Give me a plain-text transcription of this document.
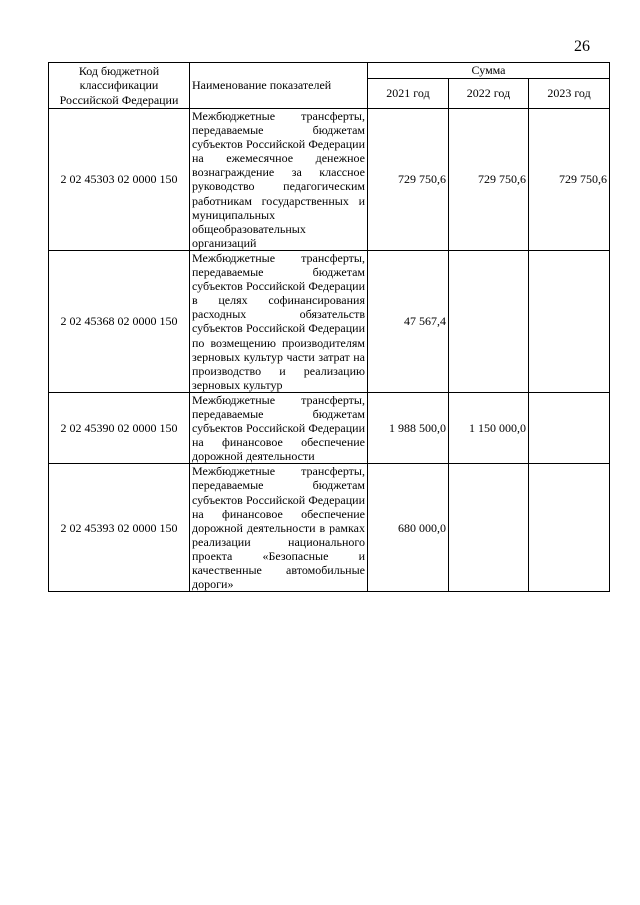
26
Код бюджетной классификации Российской Федерации	Наименование показателей	Сумма		
		2021 год	2022 год	2023 год
2 02 45303 02 0000 150	Межбюджетные трансферты, передаваемые бюджетам субъектов Российской Федерации на ежемесячное денежное вознаграждение за классное руководство педагогическим работникам государственных и муниципальных общеобразовательных организаций	729 750,6	729 750,6	729 750,6
2 02 45368 02 0000 150	Межбюджетные трансферты, передаваемые бюджетам субъектов Российской Федерации в целях софинансирования расходных обязательств субъектов Российской Федерации по возмещению производителям зерновых культур части затрат на производство и реализацию зерновых культур	47 567,4		
2 02 45390 02 0000 150	Межбюджетные трансферты, передаваемые бюджетам субъектов Российской Федерации на финансовое обеспечение дорожной деятельности	1 988 500,0	1 150 000,0	
2 02 45393 02 0000 150	Межбюджетные трансферты, передаваемые бюджетам субъектов Российской Федерации на финансовое обеспечение дорожной деятельности в рамках реализации национального проекта «Безопасные и качественные автомобильные дороги»	680 000,0		
